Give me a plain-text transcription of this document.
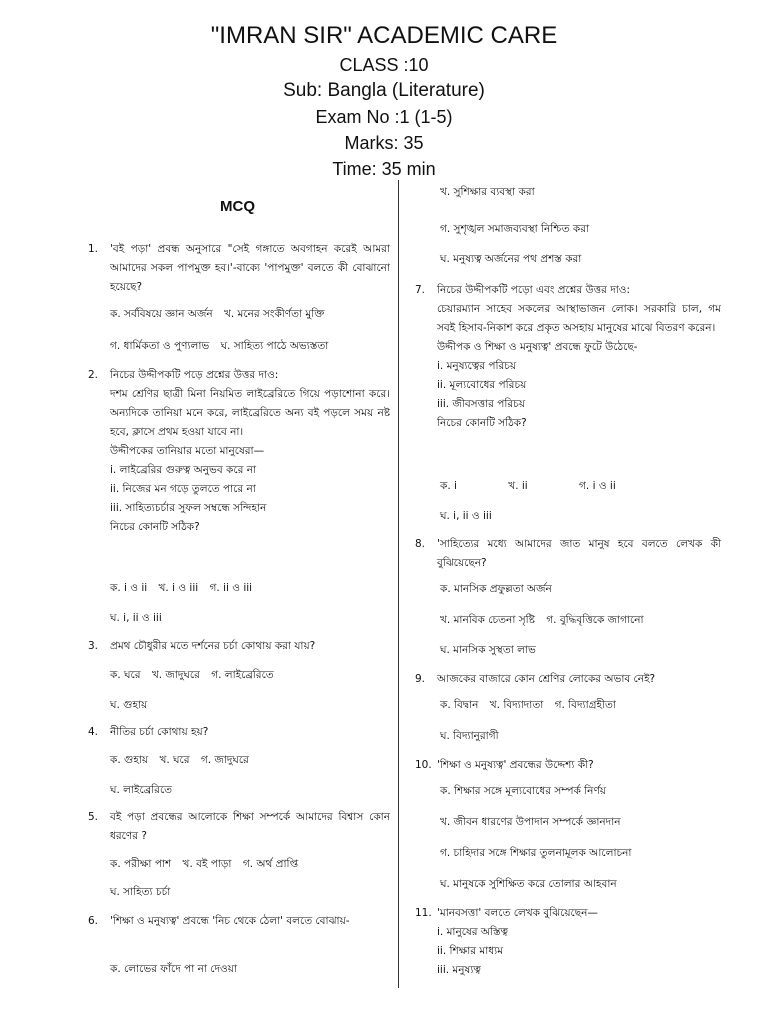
"IMRAN SIR" ACADEMIC CARE
CLASS :10
Sub: Bangla (Literature)
Exam No :1 (1-5)
Marks: 35
Time: 35 min
MCQ
1.	'বই পড়া' প্রবন্ধ অনুসারে "সেই গঙ্গাতে অবগাহন করেই আমরা আমাদের সকল পাপমুক্ত হব।'-বাক্যে 'পাপমুক্ত' বলতে কী বোঝানো হয়েছে?
ক. সর্ববিষয়ে জ্ঞান অর্জন খ. মনের সংকীর্ণতা মুক্তি
গ. ধার্মিকতা ও পুণ্যলাভ ঘ. সাহিত্য পাঠে অভ্যস্ততা
2.	নিচের উদ্দীপকটি পড়ে প্রশ্নের উত্তর দাও:
দশম শ্রেণির ছাত্রী মিনা নিয়মিত লাইব্রেরিতে গিয়ে পড়াশোনা করে। অন্যদিকে তানিয়া মনে করে, লাইব্রেরিতে অন্য বই পড়লে সময় নষ্ট হবে, ক্লাসে প্রথম হওয়া যাবে না।
উদ্দীপকের তানিয়ার মতো মানুষেরা—
i. লাইব্রেরির গুরুত্ব অনুভব করে না
ii. নিজের মন গড়ে তুলতে পারে না
iii. সাহিত্যচর্চার সুফল সম্বন্ধে সন্দিহান
নিচের কোনটি সঠিক?
ক. i ও ii খ. i ও iii গ. ii ও iii
ঘ. i, ii ও iii
3.	প্রমথ চৌধুরীর মতে দর্শনের চর্চা কোথায় করা যায়?
ক. ঘরে খ. জাদুঘরে গ. লাইব্রেরিতে
ঘ. গুহায়
4.	নীতির চর্চা কোথায় হয়?
ক. গুহায় খ. ঘরে গ. জাদুঘরে
ঘ. লাইব্রেরিতে
5.	বই পড়া প্রবন্ধের আলোকে শিক্ষা সম্পর্কে আমাদের বিশ্বাস কোন ধরণের ?
ক. পরীক্ষা পাশ খ. বই পাড়া গ. অর্থ প্রাপ্তি
ঘ. সাহিত্য চর্চা
6.	'শিক্ষা ও মনুষ্যত্ব' প্রবন্ধে 'নিচ থেকে ঠেলা' বলতে বোঝায়-
ক. লোভের ফাঁদে পা না দেওয়া
খ. সুশিক্ষার ব্যবস্থা করা
গ. সুশৃঙ্খল সমাজব্যবস্থা নিশ্চিত করা
ঘ. মনুষ্যত্ব অর্জনের পথ প্রশস্ত করা
7.	নিচের উদ্দীপকটি পড়ো এবং প্রশ্নের উত্তর দাও:
চেয়ারম্যান সাহেব সকলের আস্থাভাজন লোক। সরকারি চাল, গম সবই হিসাব-নিকাশ করে প্রকৃত অসহায় মানুষের মাঝে বিতরণ করেন।
উদ্দীপক ও শিক্ষা ও মনুষ্যত্ব' প্রবন্ধে ফুটে উঠেছে-
i. মনুষ্যত্বের পরিচয়
ii. মূল্যবোধের পরিচয়
iii. জীবসত্তার পরিচয়
নিচের কোনটি সঠিক?
ক. i	খ. ii	গ. i ও ii
ঘ. i, ii ও iii
8.	'সাহিত্যের মধ্যে আমাদের জাত মানুষ হবে বলতে লেখক কী বুঝিয়েছেন?
ক. মানসিক প্রফুল্লতা অর্জন
খ. মানবিক চেতনা সৃষ্টি গ. বুদ্ধিবৃত্তিকে জাগানো
ঘ. মানসিক সুস্থতা লাভ
9.	আজকের বাজারে কোন শ্রেণির লোকের অভাব নেই?
ক. বিদ্বান খ. বিদ্যাদাতা গ. বিদ্যাগ্রহীতা
ঘ. বিদ্যানুরাগী
10. 'শিক্ষা ও মনুষ্যত্ব' প্রবন্ধের উদ্দেশ্য কী?
ক. শিক্ষার সঙ্গে মূল্যবোধের সম্পর্ক নির্ণয়
খ. জীবন ধারণের উপাদান সম্পর্কে জ্ঞানদান
গ. চাহিদার সঙ্গে শিক্ষার তুলনামূলক আলোচনা
ঘ. মানুষকে সুশিক্ষিত করে তোলার আহবান
11. 'মানবসত্তা' বলতে লেখক বুঝিয়েছেন—
i. মানুষের অস্তিত্ব
ii. শিক্ষার মাধ্যম
iii. মনুষ্যত্ব
